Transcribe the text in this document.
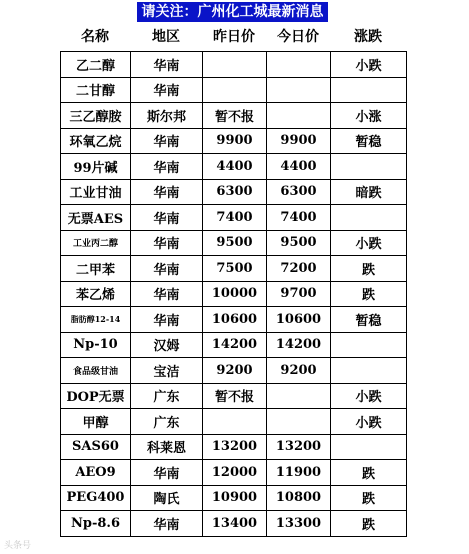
请关注：广州化工城最新消息
名称	地区	昨日价	今日价	涨跌
乙二醇	华南			小跌
二甘醇	华南			
三乙醇胺	斯尔邦	暂不报		小涨
环氧乙烷	华南	9900	9900	暂稳
99片碱	华南	4400	4400	
工业甘油	华南	6300	6300	暗跌
无票AES	华南	7400	7400	
工业丙二醇	华南	9500	9500	小跌
二甲苯	华南	7500	7200	跌
苯乙烯	华南	10000	9700	跌
脂肪醇12-14	华南	10600	10600	暂稳
Np-10	汉姆	14200	14200	
食品级甘油	宝洁	9200	9200	
DOP无票	广东	暂不报		小跌
甲醇	广东			小跌
SAS60	科莱恩	13200	13200	
AEO9	华南	12000	11900	跌
PEG400	陶氏	10900	10800	跌
Np-8.6	华南	13400	13300	跌
头条号
